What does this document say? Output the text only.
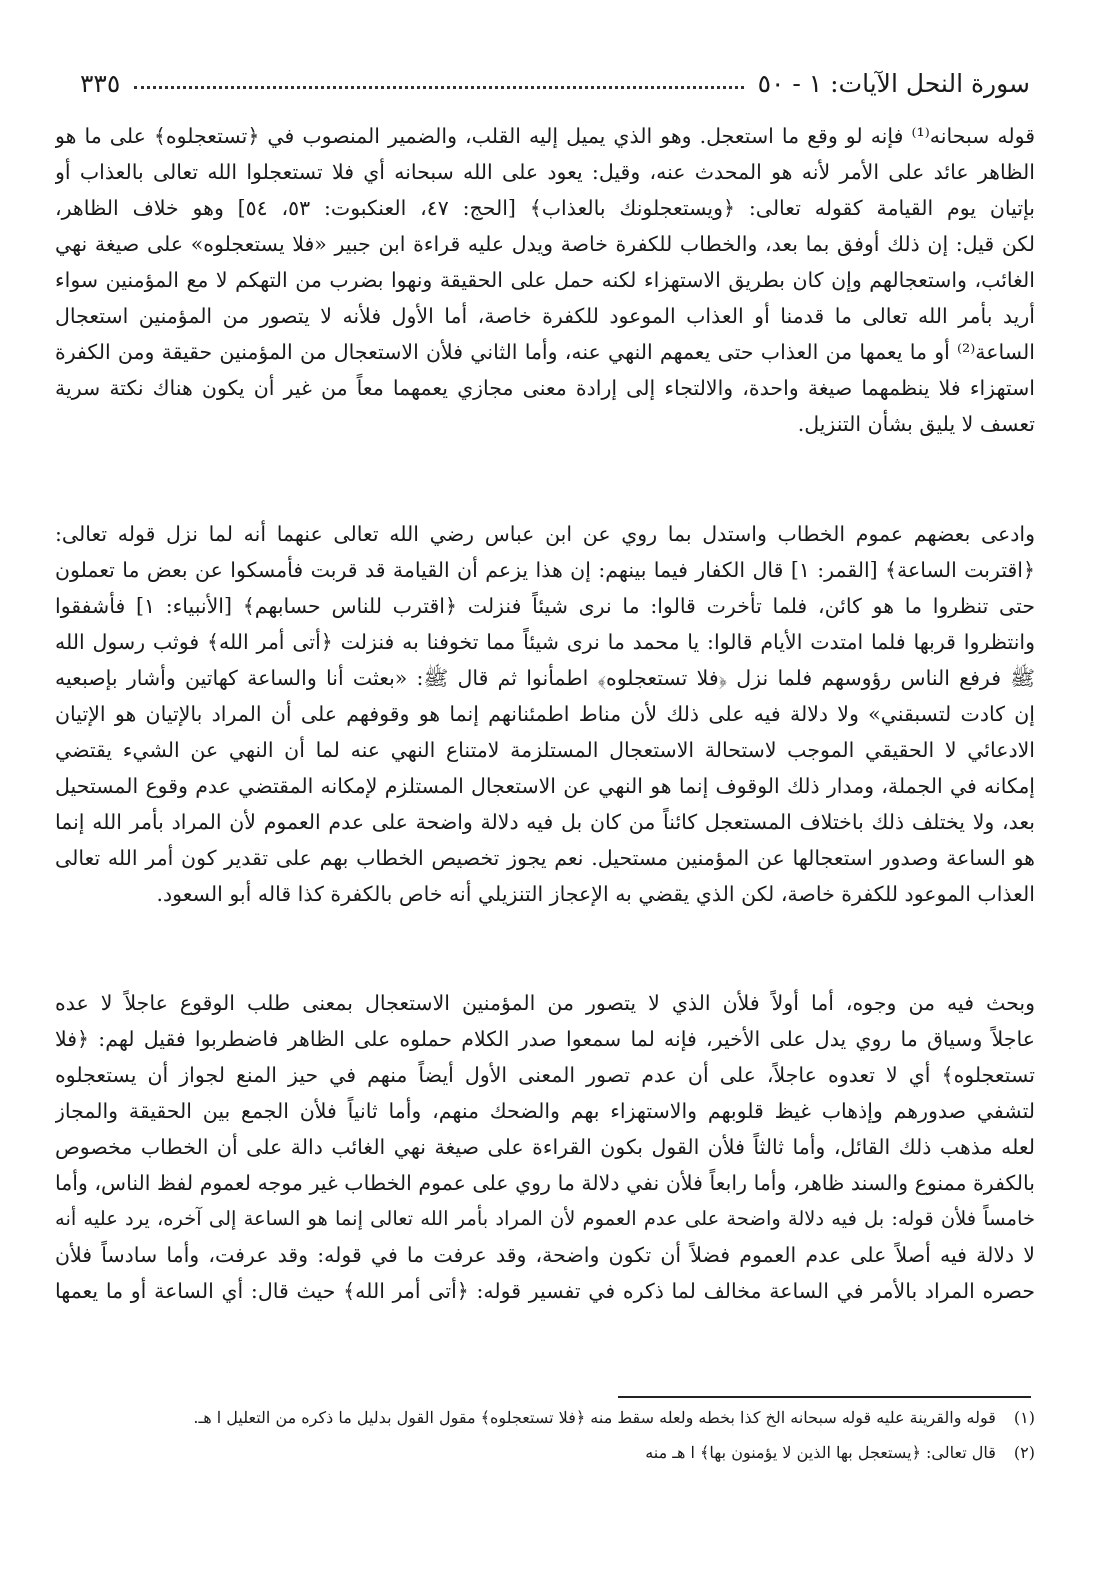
سورة النحل الآيات: ١ - ٥٠
٣٣٥
قوله سبحانه⁽¹⁾ فإنه لو وقع ما استعجل. وهو الذي يميل إليه القلب، والضمير المنصوب في ﴿تستعجلوه﴾ على ما هو
الظاهر عائد على الأمر لأنه هو المحدث عنه، وقيل: يعود على الله سبحانه أي فلا تستعجلوا الله تعالى بالعذاب أو
بإتيان يوم القيامة كقوله تعالى: ﴿ويستعجلونك بالعذاب﴾ [الحج: ٤٧، العنكبوت: ٥٣، ٥٤] وهو خلاف الظاهر،
لكن قيل: إن ذلك أوفق بما بعد، والخطاب للكفرة خاصة ويدل عليه قراءة ابن جبير «فلا يستعجلوه» على صيغة نهي
الغائب، واستعجالهم وإن كان بطريق الاستهزاء لكنه حمل على الحقيقة ونهوا بضرب من التهكم لا مع المؤمنين سواء
أريد بأمر الله تعالى ما قدمنا أو العذاب الموعود للكفرة خاصة، أما الأول فلأنه لا يتصور من المؤمنين استعجال
الساعة⁽²⁾ أو ما يعمها من العذاب حتى يعمهم النهي عنه، وأما الثاني فلأن الاستعجال من المؤمنين حقيقة ومن الكفرة
استهزاء فلا ينظمهما صيغة واحدة، والالتجاء إلى إرادة معنى مجازي يعمهما معاً من غير أن يكون هناك نكتة سرية
تعسف لا يليق بشأن التنزيل.
وادعى بعضهم عموم الخطاب واستدل بما روي عن ابن عباس رضي الله تعالى عنهما أنه لما نزل قوله تعالى:
﴿اقتربت الساعة﴾ [القمر: ١] قال الكفار فيما بينهم: إن هذا يزعم أن القيامة قد قربت فأمسكوا عن بعض ما تعملون
حتى تنظروا ما هو كائن، فلما تأخرت قالوا: ما نرى شيئاً فنزلت ﴿اقترب للناس حسابهم﴾ [الأنبياء: ١] فأشفقوا
وانتظروا قربها فلما امتدت الأيام قالوا: يا محمد ما نرى شيئاً مما تخوفنا به فنزلت ﴿أتى أمر الله﴾ فوثب رسول الله
ﷺ فرفع الناس رؤوسهم فلما نزل ﴿فلا تستعجلوه﴾ اطمأنوا ثم قال ﷺ: «بعثت أنا والساعة كهاتين وأشار بإصبعيه
إن كادت لتسبقني» ولا دلالة فيه على ذلك لأن مناط اطمئنانهم إنما هو وقوفهم على أن المراد بالإتيان هو الإتيان
الادعائي لا الحقيقي الموجب لاستحالة الاستعجال المستلزمة لامتناع النهي عنه لما أن النهي عن الشيء يقتضي
إمكانه في الجملة، ومدار ذلك الوقوف إنما هو النهي عن الاستعجال المستلزم لإمكانه المقتضي عدم وقوع المستحيل
بعد، ولا يختلف ذلك باختلاف المستعجل كائناً من كان بل فيه دلالة واضحة على عدم العموم لأن المراد بأمر الله إنما
هو الساعة وصدور استعجالها عن المؤمنين مستحيل. نعم يجوز تخصيص الخطاب بهم على تقدير كون أمر الله تعالى
العذاب الموعود للكفرة خاصة، لكن الذي يقضي به الإعجاز التنزيلي أنه خاص بالكفرة كذا قاله أبو السعود.
وبحث فيه من وجوه، أما أولاً فلأن الذي لا يتصور من المؤمنين الاستعجال بمعنى طلب الوقوع عاجلاً لا عده
عاجلاً وسياق ما روي يدل على الأخير، فإنه لما سمعوا صدر الكلام حملوه على الظاهر فاضطربوا فقيل لهم: ﴿فلا
تستعجلوه﴾ أي لا تعدوه عاجلاً، على أن عدم تصور المعنى الأول أيضاً منهم في حيز المنع لجواز أن يستعجلوه
لتشفي صدورهم وإذهاب غيظ قلوبهم والاستهزاء بهم والضحك منهم، وأما ثانياً فلأن الجمع بين الحقيقة والمجاز
لعله مذهب ذلك القائل، وأما ثالثاً فلأن القول بكون القراءة على صيغة نهي الغائب دالة على أن الخطاب مخصوص
بالكفرة ممنوع والسند ظاهر، وأما رابعاً فلأن نفي دلالة ما روي على عموم الخطاب غير موجه لعموم لفظ الناس، وأما
خامساً فلأن قوله: بل فيه دلالة واضحة على عدم العموم لأن المراد بأمر الله تعالى إنما هو الساعة إلى آخره، يرد عليه أنه
لا دلالة فيه أصلاً على عدم العموم فضلاً أن تكون واضحة، وقد عرفت ما في قوله: وقد عرفت، وأما سادساً فلأن
حصره المراد بالأمر في الساعة مخالف لما ذكره في تفسير قوله: ﴿أتى أمر الله﴾ حيث قال: أي الساعة أو ما يعمها
(١)قوله والقرينة عليه قوله سبحانه الخ كذا بخطه ولعله سقط منه ﴿فلا تستعجلوه﴾ مقول القول بدليل ما ذكره من التعليل ا هـ.
(٢)قال تعالى: ﴿يستعجل بها الذين لا يؤمنون بها﴾ ا هـ منه
